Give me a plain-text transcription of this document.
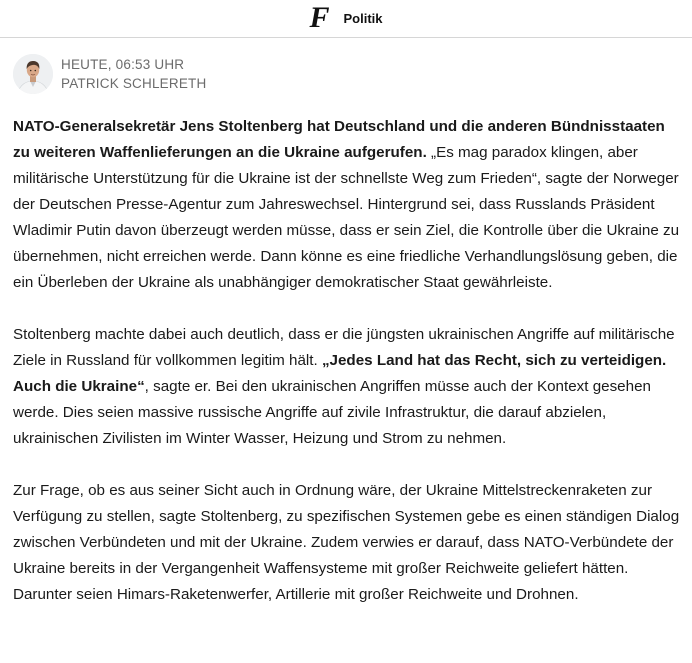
F Politik
HEUTE, 06:53 UHR
PATRICK SCHLERETH

NATO-Generalsekretär Jens Stoltenberg hat Deutschland und die anderen Bündnisstaaten zu weiteren Waffenlieferungen an die Ukraine aufgerufen. „Es mag paradox klingen, aber militärische Unterstützung für die Ukraine ist der schnellste Weg zum Frieden“, sagte der Norweger der Deutschen Presse-Agentur zum Jahreswechsel. Hintergrund sei, dass Russlands Präsident Wladimir Putin davon überzeugt werden müsse, dass er sein Ziel, die Kontrolle über die Ukraine zu übernehmen, nicht erreichen werde. Dann könne es eine friedliche Verhandlungslösung geben, die ein Überleben der Ukraine als unabhängiger demokratischer Staat gewährleiste.

Stoltenberg machte dabei auch deutlich, dass er die jüngsten ukrainischen Angriffe auf militärische Ziele in Russland für vollkommen legitim hält. „Jedes Land hat das Recht, sich zu verteidigen. Auch die Ukraine“, sagte er. Bei den ukrainischen Angriffen müsse auch der Kontext gesehen werde. Dies seien massive russische Angriffe auf zivile Infrastruktur, die darauf abzielen, ukrainischen Zivilisten im Winter Wasser, Heizung und Strom zu nehmen.

Zur Frage, ob es aus seiner Sicht auch in Ordnung wäre, der Ukraine Mittelstreckenraketen zur Verfügung zu stellen, sagte Stoltenberg, zu spezifischen Systemen gebe es einen ständigen Dialog zwischen Verbündeten und mit der Ukraine. Zudem verwies er darauf, dass NATO-Verbündete der Ukraine bereits in der Vergangenheit Waffensysteme mit großer Reichweite geliefert hätten. Darunter seien Himars-Raketenwerfer, Artillerie mit großer Reichweite und Drohnen.
